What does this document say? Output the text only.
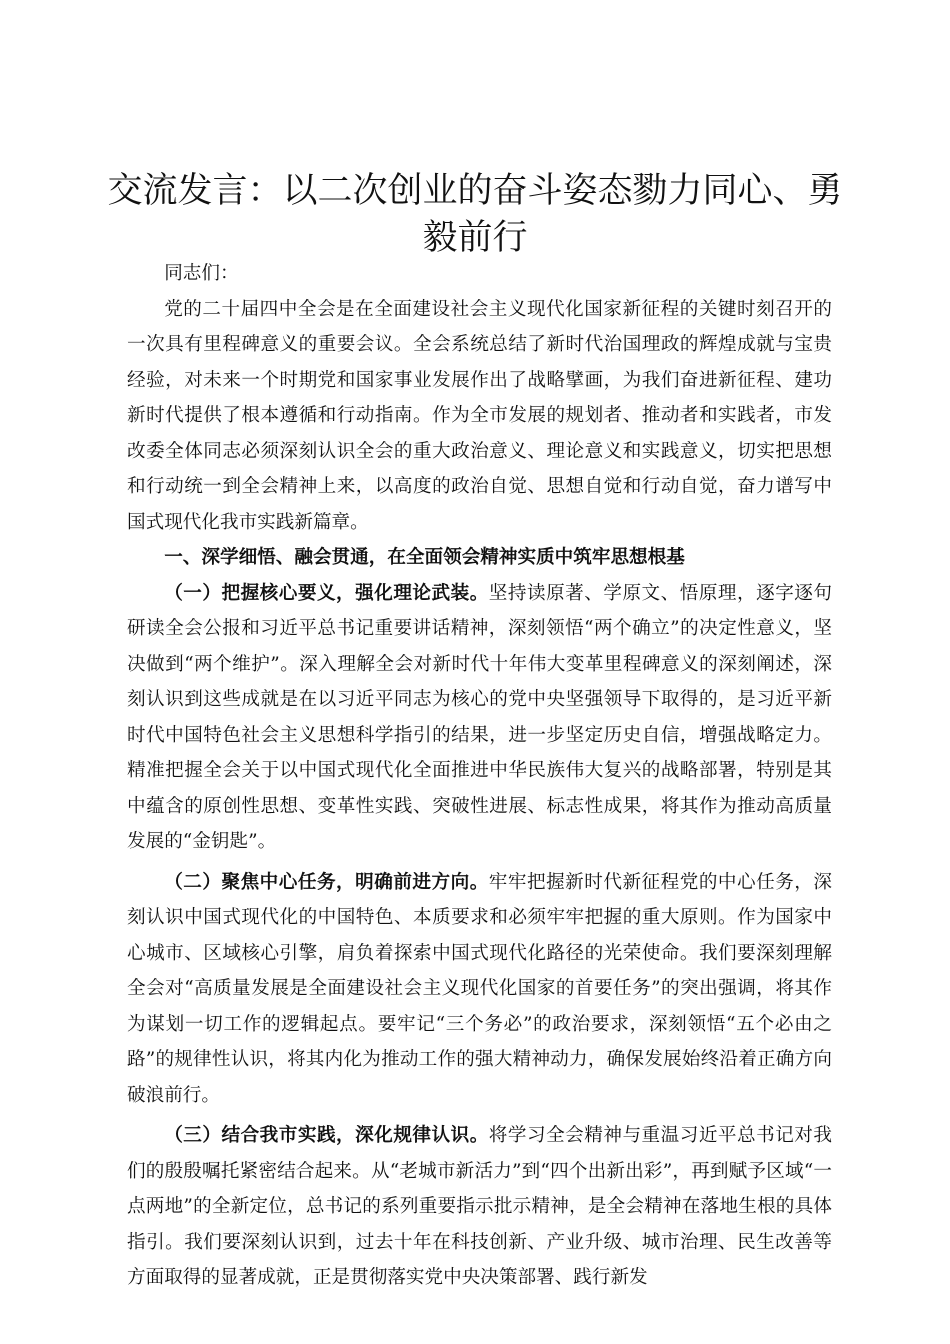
交流发言：以二次创业的奋斗姿态勠力同心、勇毅前行

同志们：

党的二十届四中全会是在全面建设社会主义现代化国家新征程的关键时刻召开的一次具有里程碑意义的重要会议。全会系统总结了新时代治国理政的辉煌成就与宝贵经验，对未来一个时期党和国家事业发展作出了战略擘画，为我们奋进新征程、建功新时代提供了根本遵循和行动指南。作为全市发展的规划者、推动者和实践者，市发改委全体同志必须深刻认识全会的重大政治意义、理论意义和实践意义，切实把思想和行动统一到全会精神上来，以高度的政治自觉、思想自觉和行动自觉，奋力谱写中国式现代化我市实践新篇章。

一、深学细悟、融会贯通，在全面领会精神实质中筑牢思想根基

（一）把握核心要义，强化理论武装。坚持读原著、学原文、悟原理，逐字逐句研读全会公报和习近平总书记重要讲话精神，深刻领悟“两个确立”的决定性意义，坚决做到“两个维护”。深入理解全会对新时代十年伟大变革里程碑意义的深刻阐述，深刻认识到这些成就是在以习近平同志为核心的党中央坚强领导下取得的，是习近平新时代中国特色社会主义思想科学指引的结果，进一步坚定历史自信，增强战略定力。精准把握全会关于以中国式现代化全面推进中华民族伟大复兴的战略部署，特别是其中蕴含的原创性思想、变革性实践、突破性进展、标志性成果，将其作为推动高质量发展的“金钥匙”。

（二）聚焦中心任务，明确前进方向。牢牢把握新时代新征程党的中心任务，深刻认识中国式现代化的中国特色、本质要求和必须牢牢把握的重大原则。作为国家中心城市、区域核心引擎，肩负着探索中国式现代化路径的光荣使命。我们要深刻理解全会对“高质量发展是全面建设社会主义现代化国家的首要任务”的突出强调，将其作为谋划一切工作的逻辑起点。要牢记“三个务必”的政治要求，深刻领悟“五个必由之路”的规律性认识，将其内化为推动工作的强大精神动力，确保发展始终沿着正确方向破浪前行。

（三）结合我市实践，深化规律认识。将学习全会精神与重温习近平总书记对我们的殷殷嘱托紧密结合起来。从“老城市新活力”到“四个出新出彩”，再到赋予区域“一点两地”的全新定位，总书记的系列重要指示批示精神，是全会精神在落地生根的具体指引。我们要深刻认识到，过去十年在科技创新、产业升级、城市治理、民生改善等方面取得的显著成就，正是贯彻落实党中央决策部署、践行新发
